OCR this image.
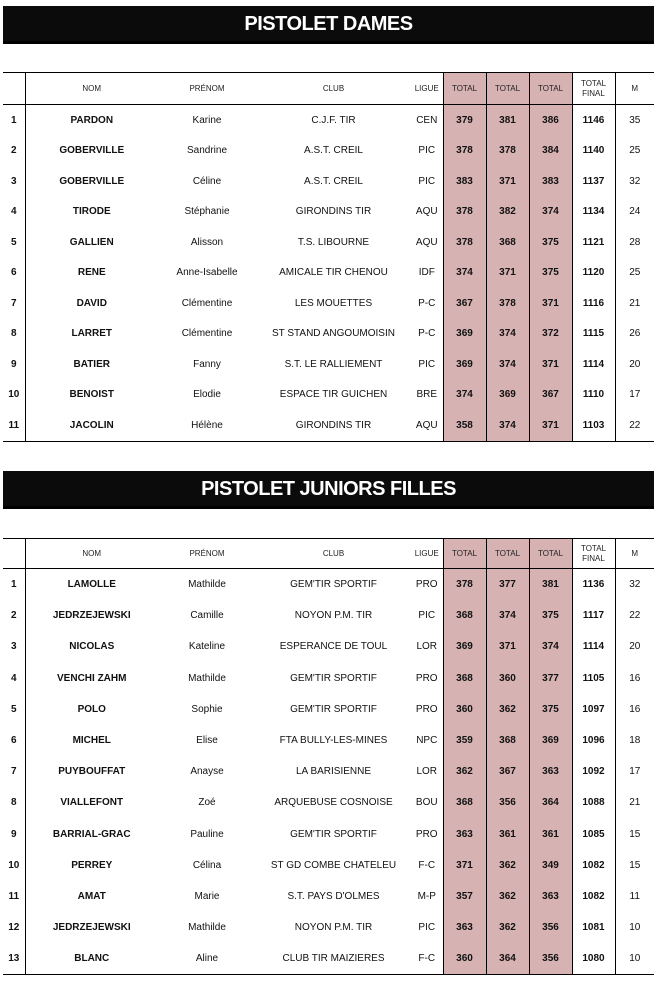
PISTOLET DAMES
	NOM	PRÉNOM	CLUB	LIGUE	TOTAL	TOTAL	TOTAL	TOTAL FINAL	M
1	PARDON	Karine	C.J.F. TIR	CEN	379	381	386	1146	35
2	GOBERVILLE	Sandrine	A.S.T. CREIL	PIC	378	378	384	1140	25
3	GOBERVILLE	Céline	A.S.T. CREIL	PIC	383	371	383	1137	32
4	TIRODE	Stéphanie	GIRONDINS TIR	AQU	378	382	374	1134	24
5	GALLIEN	Alisson	T.S. LIBOURNE	AQU	378	368	375	1121	28
6	RENE	Anne-Isabelle	AMICALE TIR CHENOU	IDF	374	371	375	1120	25
7	DAVID	Clémentine	LES MOUETTES	P-C	367	378	371	1116	21
8	LARRET	Clémentine	ST STAND ANGOUMOISIN	P-C	369	374	372	1115	26
9	BATIER	Fanny	S.T. LE RALLIEMENT	PIC	369	374	371	1114	20
10	BENOIST	Elodie	ESPACE TIR GUICHEN	BRE	374	369	367	1110	17
11	JACOLIN	Hélène	GIRONDINS TIR	AQU	358	374	371	1103	22
PISTOLET JUNIORS FILLES
	NOM	PRÉNOM	CLUB	LIGUE	TOTAL	TOTAL	TOTAL	TOTAL FINAL	M
1	LAMOLLE	Mathilde	GEM'TIR SPORTIF	PRO	378	377	381	1136	32
2	JEDRZEJEWSKI	Camille	NOYON P.M. TIR	PIC	368	374	375	1117	22
3	NICOLAS	Kateline	ESPERANCE DE TOUL	LOR	369	371	374	1114	20
4	VENCHI ZAHM	Mathilde	GEM'TIR SPORTIF	PRO	368	360	377	1105	16
5	POLO	Sophie	GEM'TIR SPORTIF	PRO	360	362	375	1097	16
6	MICHEL	Elise	FTA BULLY-LES-MINES	NPC	359	368	369	1096	18
7	PUYBOUFFAT	Anayse	LA BARISIENNE	LOR	362	367	363	1092	17
8	VIALLEFONT	Zoé	ARQUEBUSE COSNOISE	BOU	368	356	364	1088	21
9	BARRIAL-GRAC	Pauline	GEM'TIR SPORTIF	PRO	363	361	361	1085	15
10	PERREY	Célina	ST GD COMBE CHATELEU	F-C	371	362	349	1082	15
11	AMAT	Marie	S.T. PAYS D'OLMES	M-P	357	362	363	1082	11
12	JEDRZEJEWSKI	Mathilde	NOYON P.M. TIR	PIC	363	362	356	1081	10
13	BLANC	Aline	CLUB TIR MAIZIERES	F-C	360	364	356	1080	10
